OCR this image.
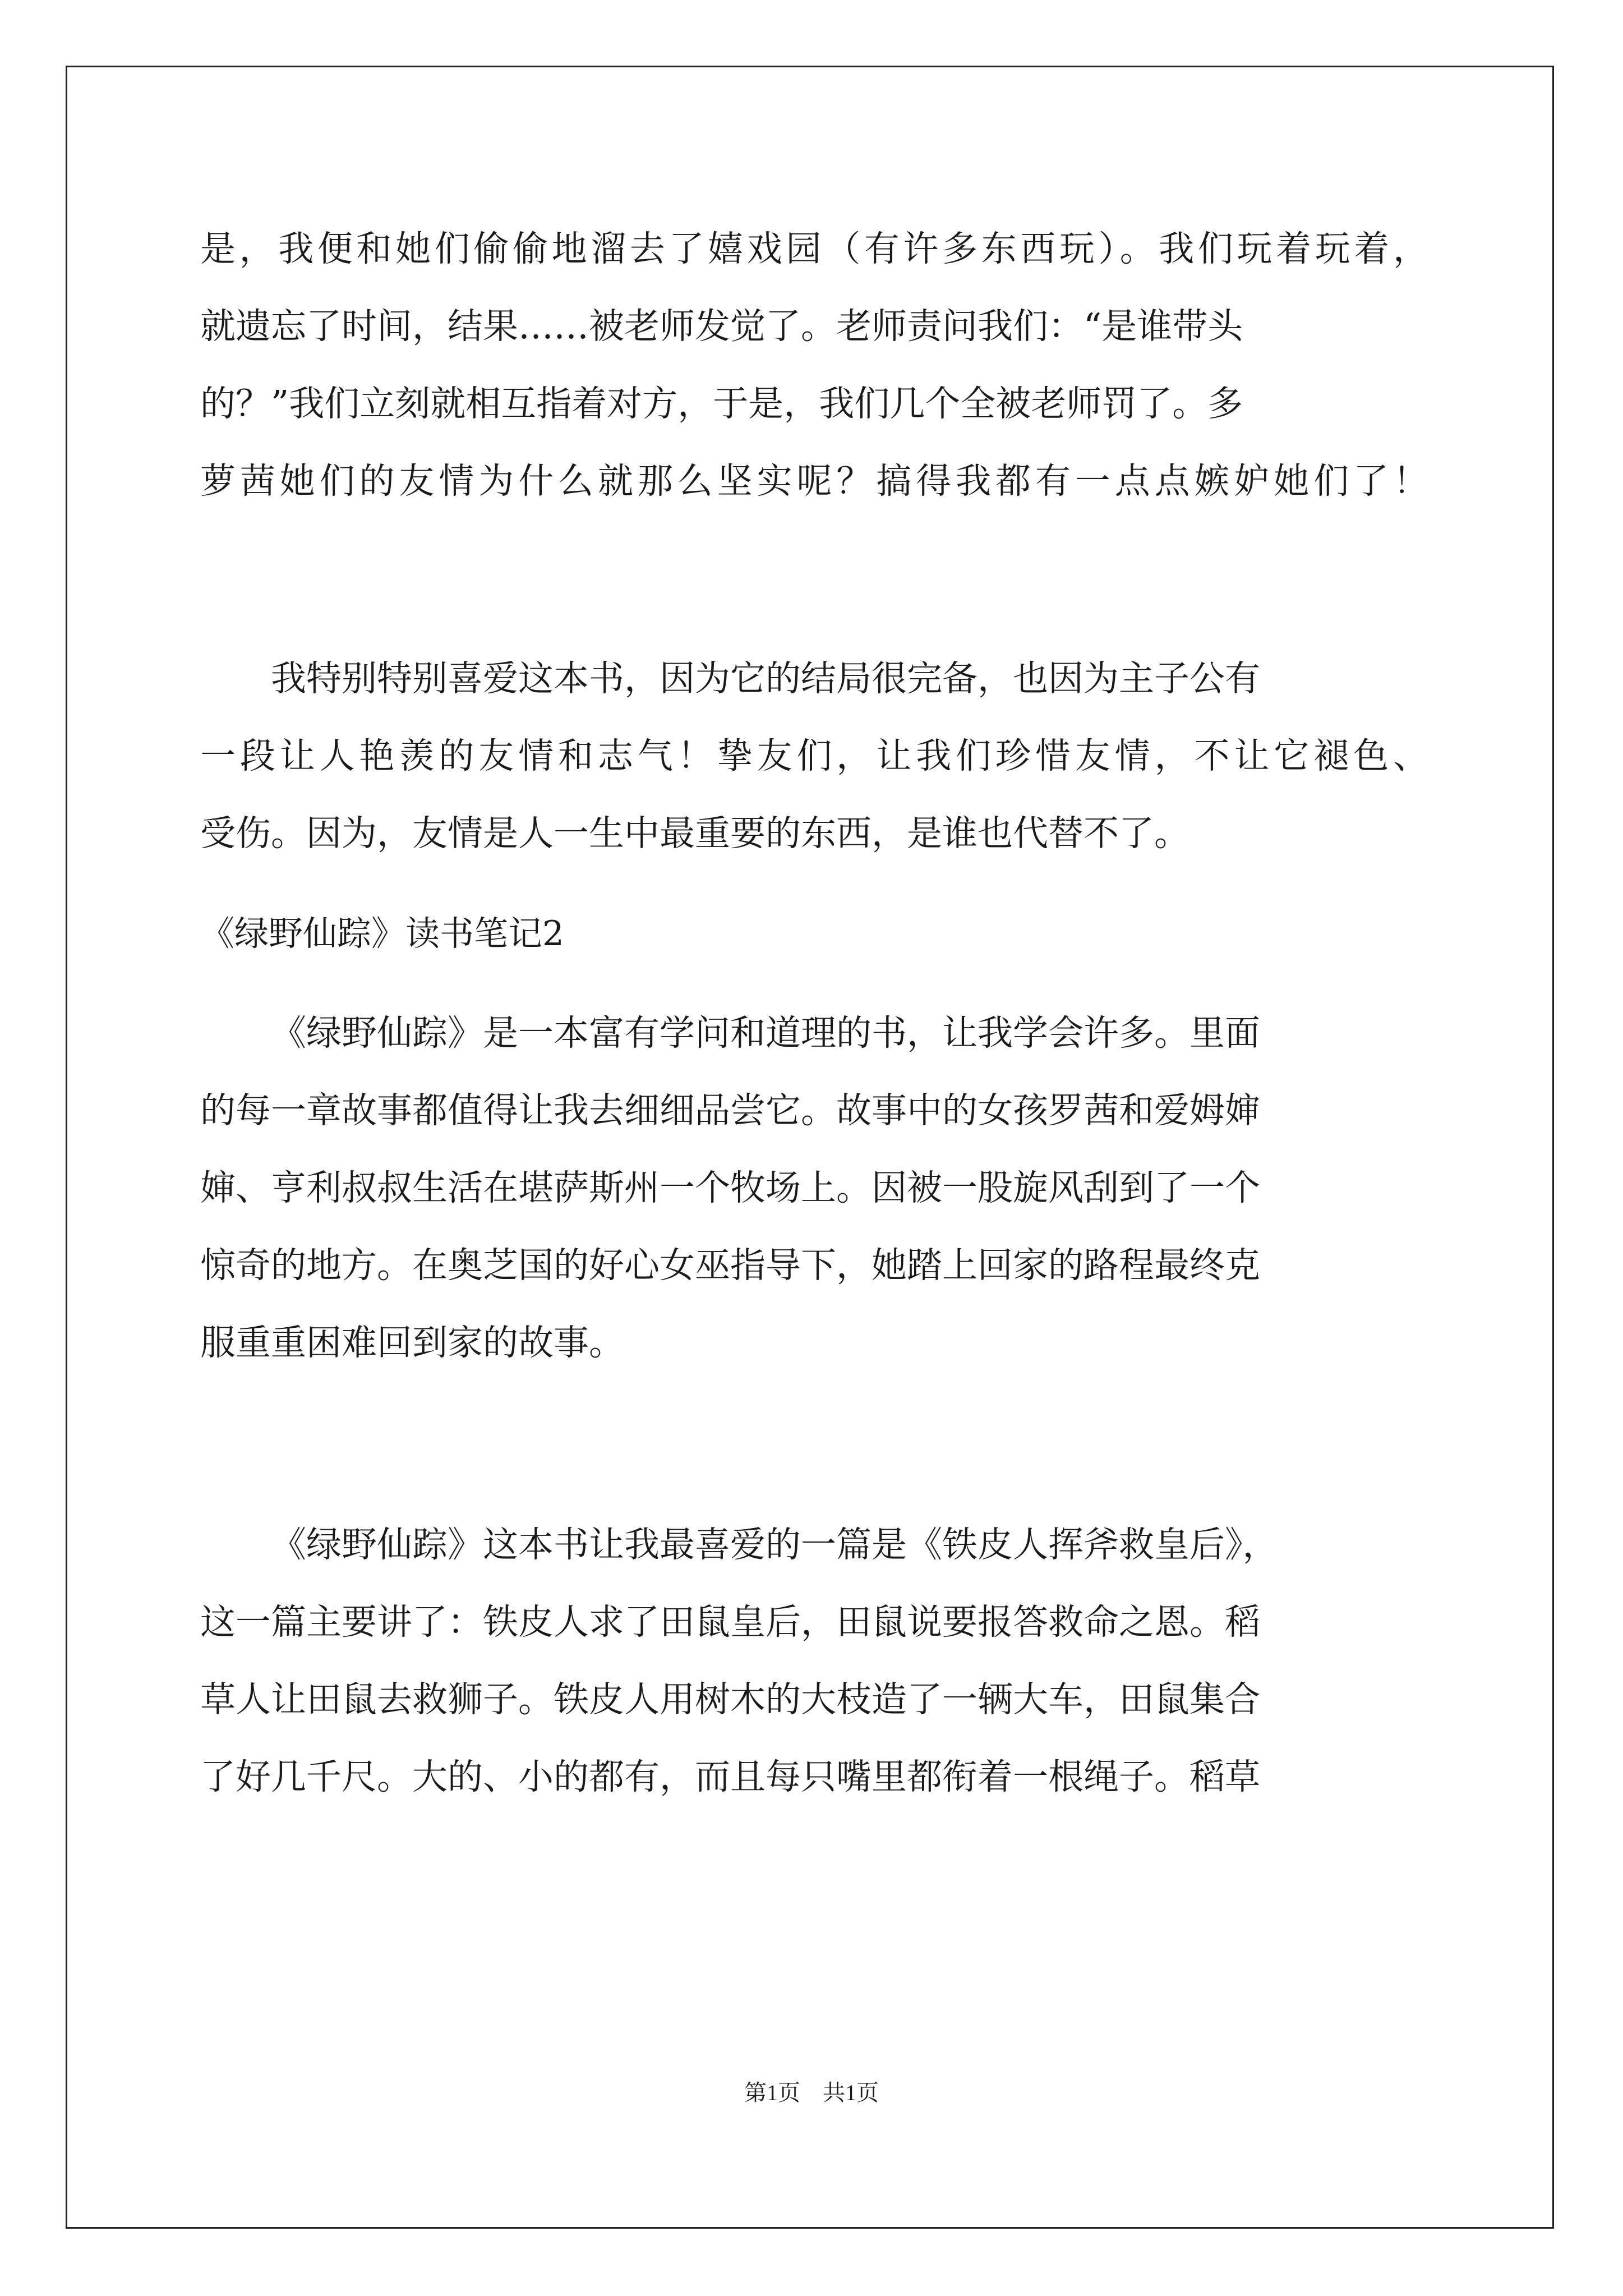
是，我便和她们偷偷地溜去了嬉戏园（有许多东西玩）。我们玩着玩着，
就遗忘了时间，结果……被老师发觉了。老师责问我们：“是谁带头
的？”我们立刻就相互指着对方，于是，我们几个全被老师罚了。多
萝茜她们的友情为什么就那么坚实呢？搞得我都有一点点嫉妒她们了！
我特别特别喜爱这本书，因为它的结局很完备，也因为主子公有
一段让人艳羡的友情和志气！挚友们，让我们珍惜友情，不让它褪色、
受伤。因为，友情是人一生中最重要的东西，是谁也代替不了。
《绿野仙踪》读书笔记2
《绿野仙踪》是一本富有学问和道理的书，让我学会许多。里面
的每一章故事都值得让我去细细品尝它。故事中的女孩罗茜和爱姆婶
婶、亨利叔叔生活在堪萨斯州一个牧场上。因被一股旋风刮到了一个
惊奇的地方。在奥芝国的好心女巫指导下，她踏上回家的路程最终克
服重重困难回到家的故事。
《绿野仙踪》这本书让我最喜爱的一篇是《铁皮人挥斧救皇后》，
这一篇主要讲了：铁皮人求了田鼠皇后，田鼠说要报答救命之恩。稻
草人让田鼠去救狮子。铁皮人用树木的大枝造了一辆大车，田鼠集合
了好几千尺。大的、小的都有，而且每只嘴里都衔着一根绳子。稻草
第1页　共1页
